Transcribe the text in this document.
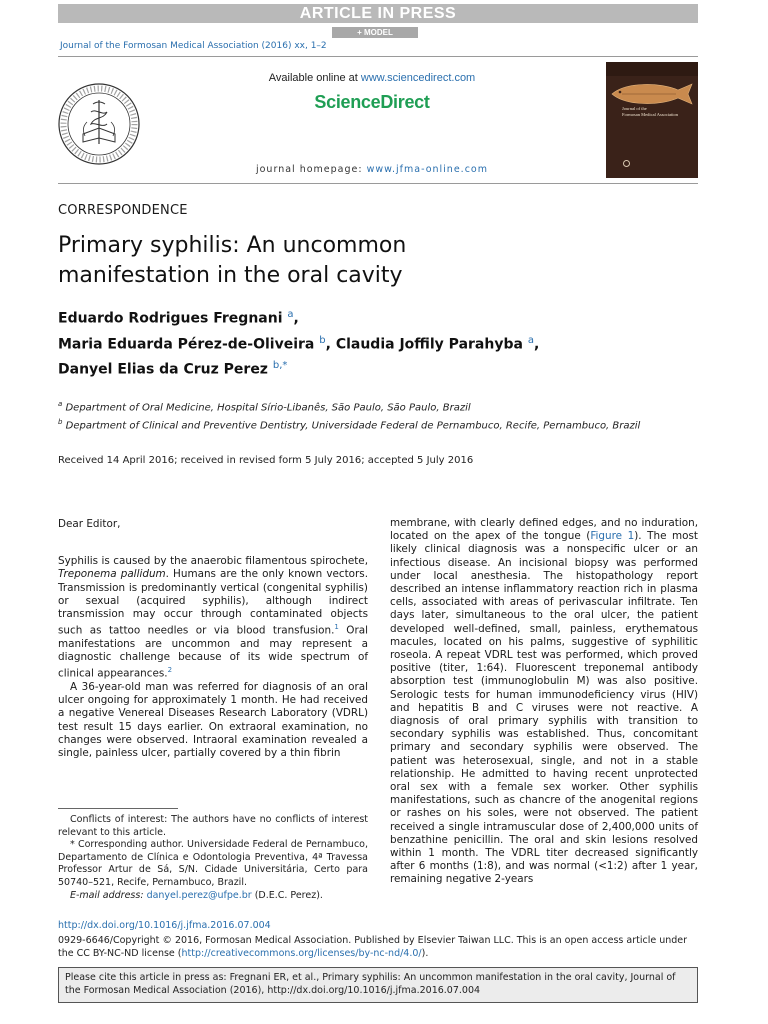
ARTICLE IN PRESS
+ MODEL
Journal of the Formosan Medical Association (2016) xx, 1–2
Available online at www.sciencedirect.com
ScienceDirect
journal homepage: www.jfma-online.com
Journal of the
Formosan Medical Association
CORRESPONDENCE
Primary syphilis: An uncommon
manifestation in the oral cavity
Eduardo Rodrigues Fregnani $^a$,
Maria Eduarda Pérez-de-Oliveira $^b$, Claudia Joffily Parahyba $^a$,
Danyel Elias da Cruz Perez $^{b,*}$
$^a$ Department of Oral Medicine, Hospital Sírio-Libanês, São Paulo, São Paulo, Brazil
$^b$ Department of Clinical and Preventive Dentistry, Universidade Federal de Pernambuco, Recife, Pernambuco, Brazil
Received 14 April 2016; received in revised form 5 July 2016; accepted 5 July 2016

Dear Editor,

Syphilis is caused by the anaerobic filamentous spirochete, Treponema pallidum. Humans are the only known vectors. Transmission is predominantly vertical (congenital syphilis) or sexual (acquired syphilis), although indirect transmission may occur through contaminated objects such as tattoo needles or via blood transfusion.$^1$ Oral manifestations are uncommon and may represent a diagnostic challenge because of its wide spectrum of clinical appearances.$^2$

A 36-year-old man was referred for diagnosis of an oral ulcer ongoing for approximately 1 month. He had received a negative Venereal Diseases Research Laboratory (VDRL) test result 15 days earlier. On extraoral examination, no changes were observed. Intraoral examination revealed a single, painless ulcer, partially covered by a thin fibrin

membrane, with clearly defined edges, and no induration, located on the apex of the tongue (Figure 1). The most likely clinical diagnosis was a nonspecific ulcer or an infectious disease. An incisional biopsy was performed under local anesthesia. The histopathology report described an intense inflammatory reaction rich in plasma cells, associated with areas of perivascular infiltrate. Ten days later, simultaneous to the oral ulcer, the patient developed well-defined, small, painless, erythematous macules, located on his palms, suggestive of syphilitic roseola. A repeat VDRL test was performed, which proved positive (titer, 1:64). Fluorescent treponemal antibody absorption test (immunoglobulin M) was also positive. Serologic tests for human immunodeficiency virus (HIV) and hepatitis B and C viruses were not reactive. A diagnosis of oral primary syphilis with transition to secondary syphilis was established. Thus, concomitant primary and secondary syphilis were observed. The patient was heterosexual, single, and not in a stable relationship. He admitted to having recent unprotected oral sex with a female sex worker. Other syphilis manifestations, such as chancre of the anogenital regions or rashes on his soles, were not observed. The patient received a single intramuscular dose of 2,400,000 units of benzathine penicillin. The oral and skin lesions resolved within 1 month. The VDRL titer decreased significantly after 6 months (1:8), and was normal (<1:2) after 1 year, remaining negative 2-years

Conflicts of interest: The authors have no conflicts of interest relevant to this article.

* Corresponding author. Universidade Federal de Pernambuco, Departamento de Clínica e Odontologia Preventiva, 4ª Travessa Professor Artur de Sá, S/N. Cidade Universitária, Certo para 50740–521, Recife, Pernambuco, Brazil.

E-mail address: danyel.perez@ufpe.br (D.E.C. Perez).

http://dx.doi.org/10.1016/j.jfma.2016.07.004
0929-6646/Copyright © 2016, Formosan Medical Association. Published by Elsevier Taiwan LLC. This is an open access article under the CC BY-NC-ND license (http://creativecommons.org/licenses/by-nc-nd/4.0/).
Please cite this article in press as: Fregnani ER, et al., Primary syphilis: An uncommon manifestation in the oral cavity, Journal of the Formosan Medical Association (2016), http://dx.doi.org/10.1016/j.jfma.2016.07.004
